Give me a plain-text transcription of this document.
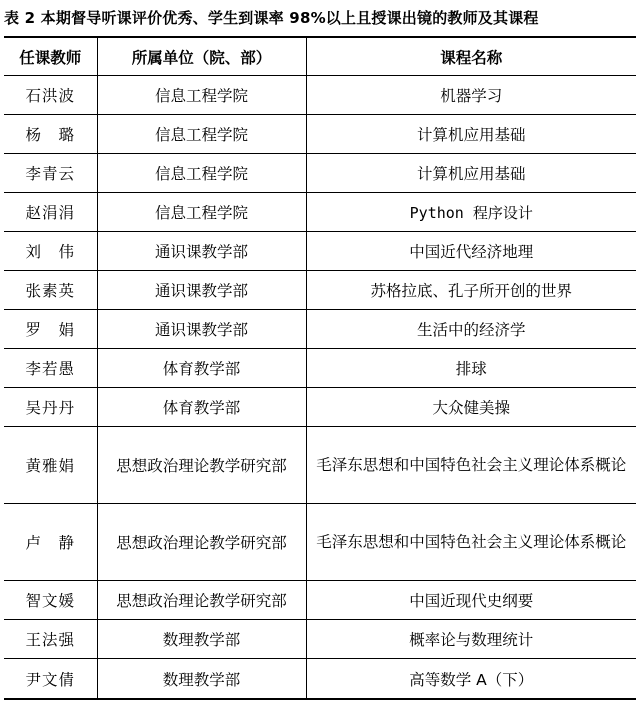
表 2 本期督导听课评价优秀、学生到课率 98%以上且授课出镜的教师及其课程
任课教师	所属单位（院、部）	课程名称
石洪波	信息工程学院	机器学习
杨　璐	信息工程学院	计算机应用基础
李青云	信息工程学院	计算机应用基础
赵涓涓	信息工程学院	Python 程序设计
刘　伟	通识课教学部	中国近代经济地理
张素英	通识课教学部	苏格拉底、孔子所开创的世界
罗　娟	通识课教学部	生活中的经济学
李若愚	体育教学部	排球
吴丹丹	体育教学部	大众健美操
黄雅娟	思想政治理论教学研究部	毛泽东思想和中国特色社会主义理论体系概论
卢　静	思想政治理论教学研究部	毛泽东思想和中国特色社会主义理论体系概论
智文媛	思想政治理论教学研究部	中国近现代史纲要
王法强	数理教学部	概率论与数理统计
尹文倩	数理教学部	高等数学 A（下）
